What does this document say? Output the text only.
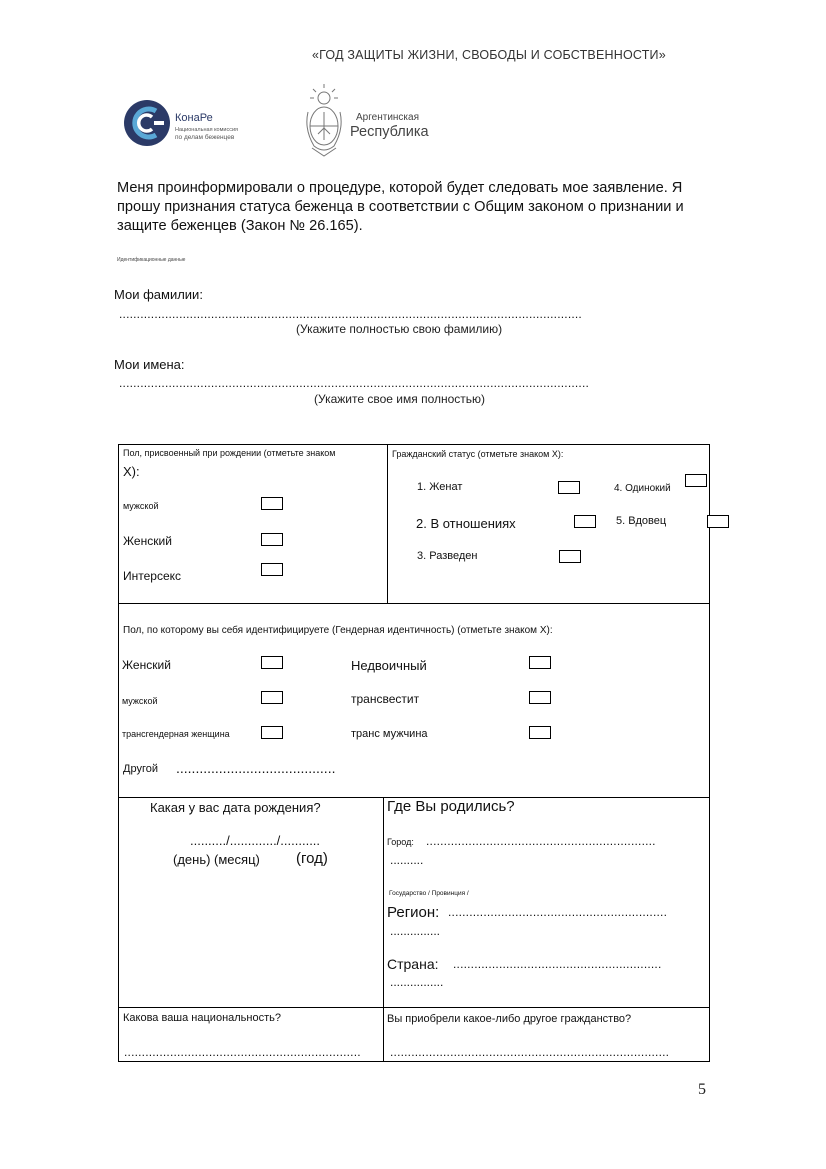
«ГОД ЗАЩИТЫ ЖИЗНИ, СВОБОДЫ И СОБСТВЕННОСТИ»
КонаРе
Национальная комиссия
по делам беженцев
Аргентинская
Республика
Меня проинформировали о процедуре, которой будет следовать мое заявление. Я прошу признания статуса беженца в соответствии с Общим законом о признании и защите беженцев (Закон № 26.165).
Идентификационные данные
Мои фамилии:
...................................................................................................................................
(Укажите полностью свою фамилию)
Мои имена:
.....................................................................................................................................
(Укажите свое имя полностью)
Пол, присвоенный при рождении (отметьте знаком
X):
мужской
Женский
Интерсекс
Гражданский статус (отметьте знаком X):
1. Женат
2. В отношениях
3. Разведен
4. Одинокий
5. Вдовец
Пол, по которому вы себя идентифицируете (Гендерная идентичность) (отметьте знаком X):
Женский
мужской
трансгендерная женщина
Недвоичный
трансвестит
транс мужчина
Другой .........................................
Какая у вас дата рождения?
........../............./...........
(день) (месяц) (год)
Где Вы родились?
Город: .................................................................
..........
Государство / Провинция /
Регион: ..............................................................
...............
Страна: ...........................................................
................
Какова ваша национальность?
...................................................................
Вы приобрели какое-либо другое гражданство?
...............................................................................
5
